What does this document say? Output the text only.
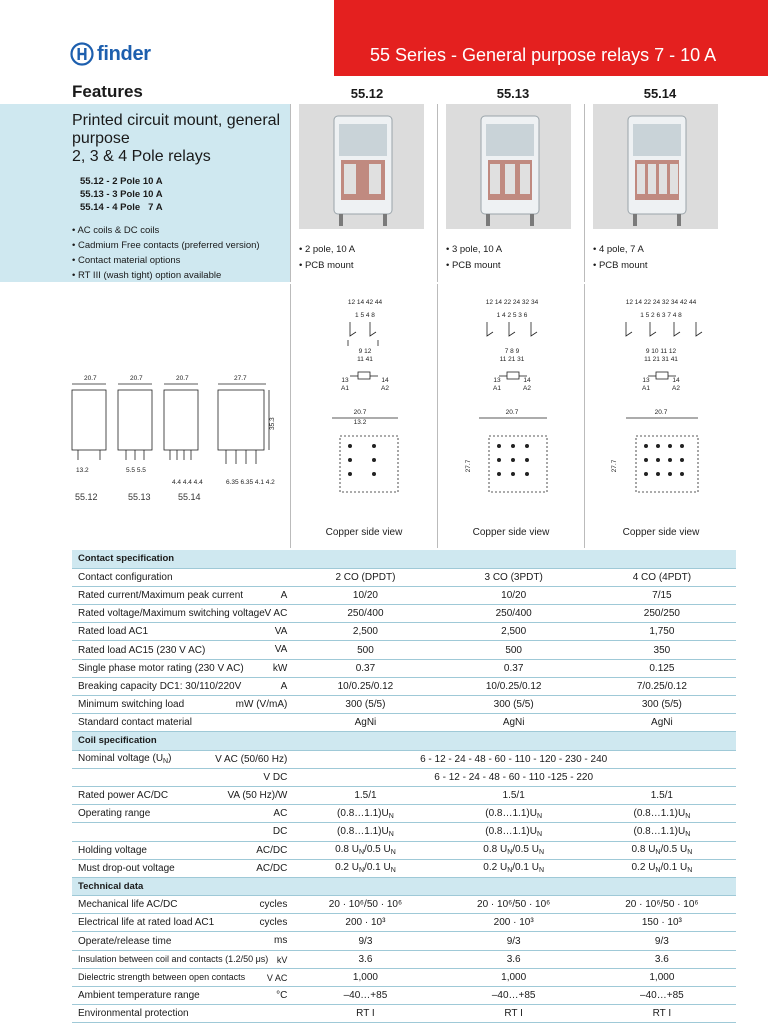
finder	55 Series - General purpose relays 7 - 10 A
Features	55.12	55.13	55.14
Printed circuit mount, general purpose
2, 3 & 4 Pole relays
55.12 - 2 Pole 10 A
55.13 - 3 Pole 10 A
55.14 - 4 Pole   7 A
• AC coils & DC coils
• Cadmium Free contacts (preferred version)
• Contact material options
• RT III (wash tight) option available
• 2 pole, 10 A
• PCB mount
• 3 pole, 10 A
• PCB mount
• 4 pole, 7 A
• PCB mount
20.7	20.7	20.7	27.7
13.2	5.5 5.5
4.4 4.4 4.4	6.35 6.35 4.1 4.2
35.3
55.12	55.13	55.14
12 14 42 44
1 5 4 8
9 12
11 41
13	14
A1	A2
20.7
13.2
12 14 22 24 32 34
1 4 2 5 3 6
7 8 9
11 21 31
13	14
A1	A2
20.7
27.7
12 14 22 24 32 34 42 44
1 5 2 6 3 7 4 8
9 10 11 12
11 21 31 41
13	14
A1	A2
20.7
27.7
Copper side view	Copper side view	Copper side view
Contact specification			
Contact configuration	2 CO (DPDT)	3 CO (3PDT)	4 CO (4PDT)
Rated current/Maximum peak current A	10/20	10/20	7/15
Rated voltage/Maximum switching voltage V AC	250/400	250/400	250/250
Rated load AC1 VA	2,500	2,500	1,750
Rated load AC15 (230 V AC) VA	500	500	350
Single phase motor rating (230 V AC) kW	0.37	0.37	0.125
Breaking capacity DC1: 30/110/220V A	10/0.25/0.12	10/0.25/0.12	7/0.25/0.12
Minimum switching load mW (V/mA)	300 (5/5)	300 (5/5)	300 (5/5)
Standard contact material	AgNi	AgNi	AgNi
Coil specification			
Nominal voltage $(U_N)$ V AC (50/60 Hz)	6 - 12 - 24 - 48 - 60 - 110 - 120 - 230 - 240		

V DC	6 - 12 - 24 - 48 - 60 - 110 -125 - 220		
Rated power AC/DC VA (50 Hz)/W	1.5/1	1.5/1	1.5/1
Operating range AC	$(0.8\dots 1.1)U_N$	$(0.8\dots 1.1)U_N$	$(0.8\dots 1.1)U_N$

DC	$(0.8\dots 1.1)U_N$	$(0.8\dots 1.1)U_N$	$(0.8\dots 1.1)U_N$
Holding voltage AC/DC	0.8 $U_N/0.5$ $U_N$	0.8 $U_N/0.5$ $U_N$	0.8 $U_N/0.5$ $U_N$
Must drop-out voltage AC/DC	0.2 $U_N/0.1$ $U_N$	0.2 $U_N/0.1$ $U_N$	0.2 $U_N/0.1$ $U_N$
Technical data			
Mechanical life AC/DC cycles	20 · 10⁶/50 · 10⁶	20 · 10⁶/50 · 10⁶	20 · 10⁶/50 · 10⁶
Electrical life at rated load AC1 cycles	200 · 10³	200 · 10³	150 · 10³
Operate/release time ms	9/3	9/3	9/3
Insulation between coil and contacts (1.2/50 μs) kV	3.6	3.6	3.6
Dielectric strength between open contacts V AC	1,000	1,000	1,000
Ambient temperature range °C	–40…+85	–40…+85	–40…+85
Environmental protection	RT I	RT I	RT I
